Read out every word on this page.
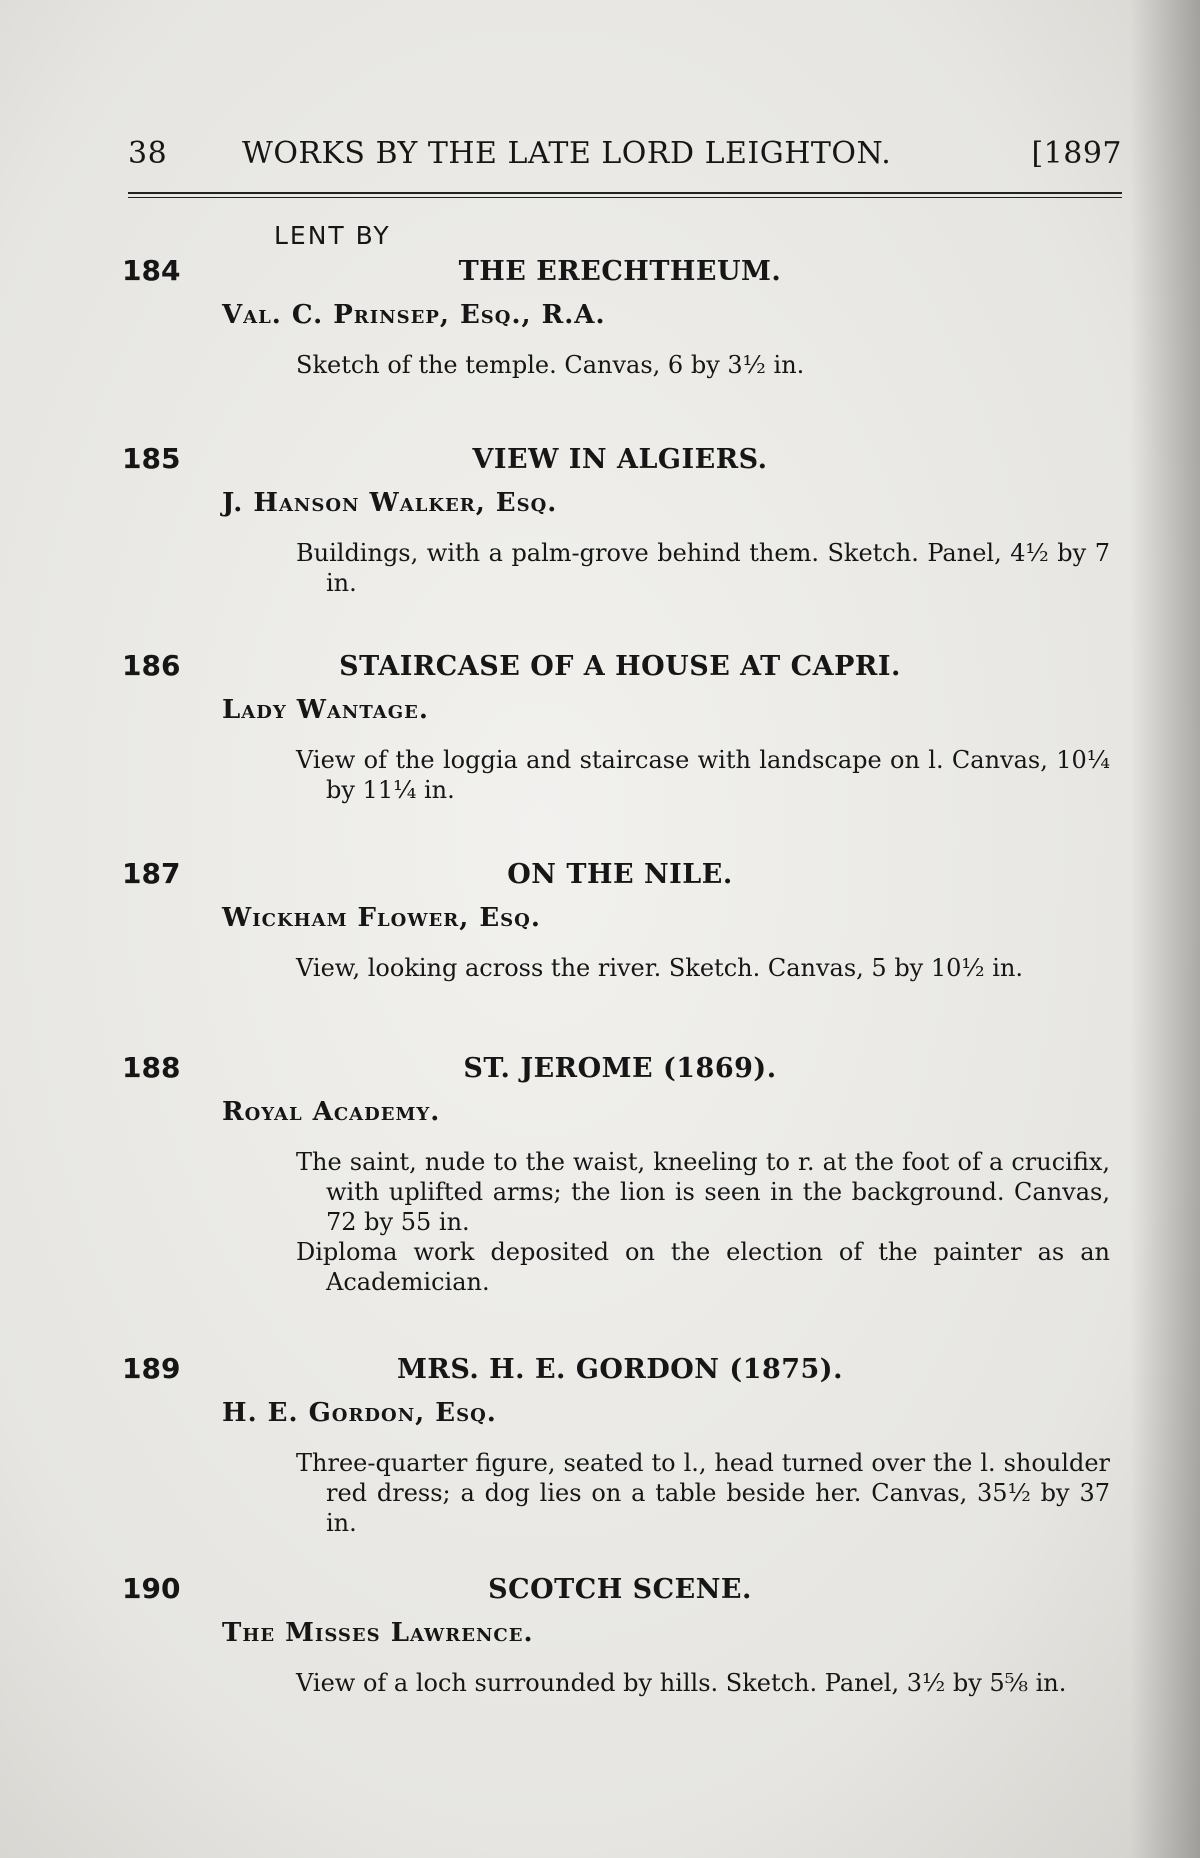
38 WORKS BY THE LATE LORD LEIGHTON.	[1897
LENT BY
184	THE ERECHTHEUM.
Val. C. Prinsep, Esq., R.A.

Sketch of the temple. Canvas, 6 by 3½ in.

185	VIEW IN ALGIERS.
J. Hanson Walker, Esq.

Buildings, with a palm-grove behind them. Sketch. Panel, 4½ by 7 in.

186	STAIRCASE OF A HOUSE AT CAPRI.
Lady Wantage.

View of the loggia and staircase with landscape on l. Canvas, 10¼ by 11¼ in.

187	ON THE NILE.
Wickham Flower, Esq.

View, looking across the river. Sketch. Canvas, 5 by 10½ in.

188	ST. JEROME (1869).
Royal Academy.

The saint, nude to the waist, kneeling to r. at the foot of a crucifix, with uplifted arms; the lion is seen in the background. Canvas, 72 by 55 in.

Diploma work deposited on the election of the painter as an Academician.

189	MRS. H. E. GORDON (1875).
H. E. Gordon, Esq.

Three-quarter figure, seated to l., head turned over the l. shoulder red dress; a dog lies on a table beside her. Canvas, 35½ by 37 in.

190	SCOTCH SCENE.
The Misses Lawrence.

View of a loch surrounded by hills. Sketch. Panel, 3½ by 5⅝ in.
